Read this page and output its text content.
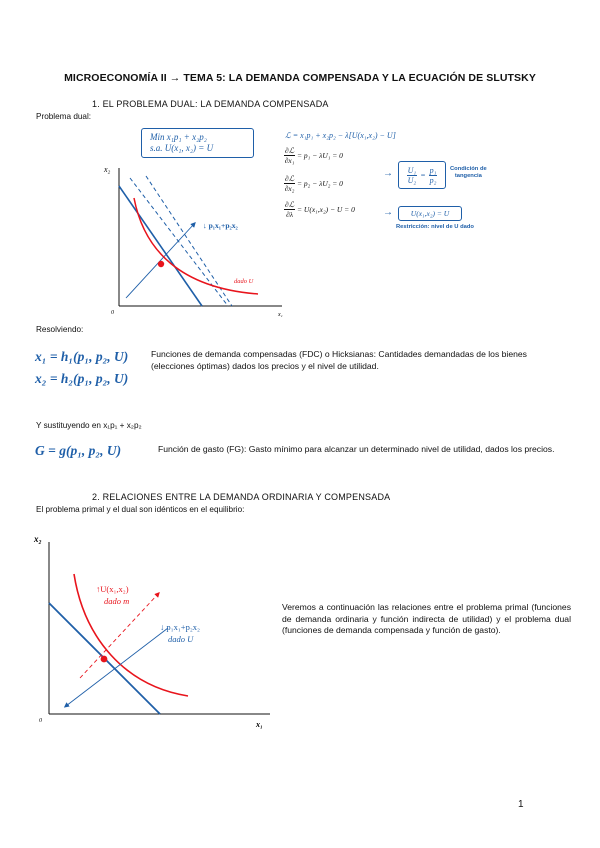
MICROECONOMÍA II → TEMA 5: LA DEMANDA COMPENSADA Y LA ECUACIÓN DE SLUTSKY
1. EL PROBLEMA DUAL: LA DEMANDA COMPENSADA
Problema dual:
x₂
x₁
0
↓ p₁x₁+p₂x₂
dado U
Min x₁p₁ + x₂p₂
s.a. U(x₁, x₂) = U
ℒ = x₁p₁ + x₂p₂ − λ[U(x₁,x₂) − U]
∂ℒ
∂x₁
= p₁ − λU₁ = 0
∂ℒ
∂x₂
= p₂ − λU₂ = 0
∂ℒ
∂λ
= U(x₁,x₂) − U = 0
→
→
$\frac{\text{U₁}}{\text{U₂}} = \frac{\text{p₁}}{\text{p₂}}$ Condición de
tangencia
U(x₁,x₂) = U
Restricción: nivel de U dado
Resolviendo:
x₁ = h₁(p₁, p₂, U)
x₂ = h₂(p₁, p₂, U)
Funciones de demanda compensadas (FDC) o Hicksianas: Cantidades demandadas de los bienes (elecciones óptimas) dados los precios y el nivel de utilidad.
Y sustituyendo en x₁p₁ + x₂p₂
G = g(p₁, p₂, U)	Función de gasto (FG): Gasto mínimo para alcanzar un determinado nivel de utilidad, dados los precios.
2. RELACIONES ENTRE LA DEMANDA ORDINARIA Y COMPENSADA
El problema primal y el dual son idénticos en el equilibrio:
x₂
x₁
0
↑U(x₁,x₂)
dado m
↓ p₁x₁+p₂x₂
dado U
Veremos a continuación las relaciones entre el problema primal (funciones de demanda ordinaria y función indirecta de utilidad) y el problema dual (funciones de demanda compensada y función de gasto).
1
